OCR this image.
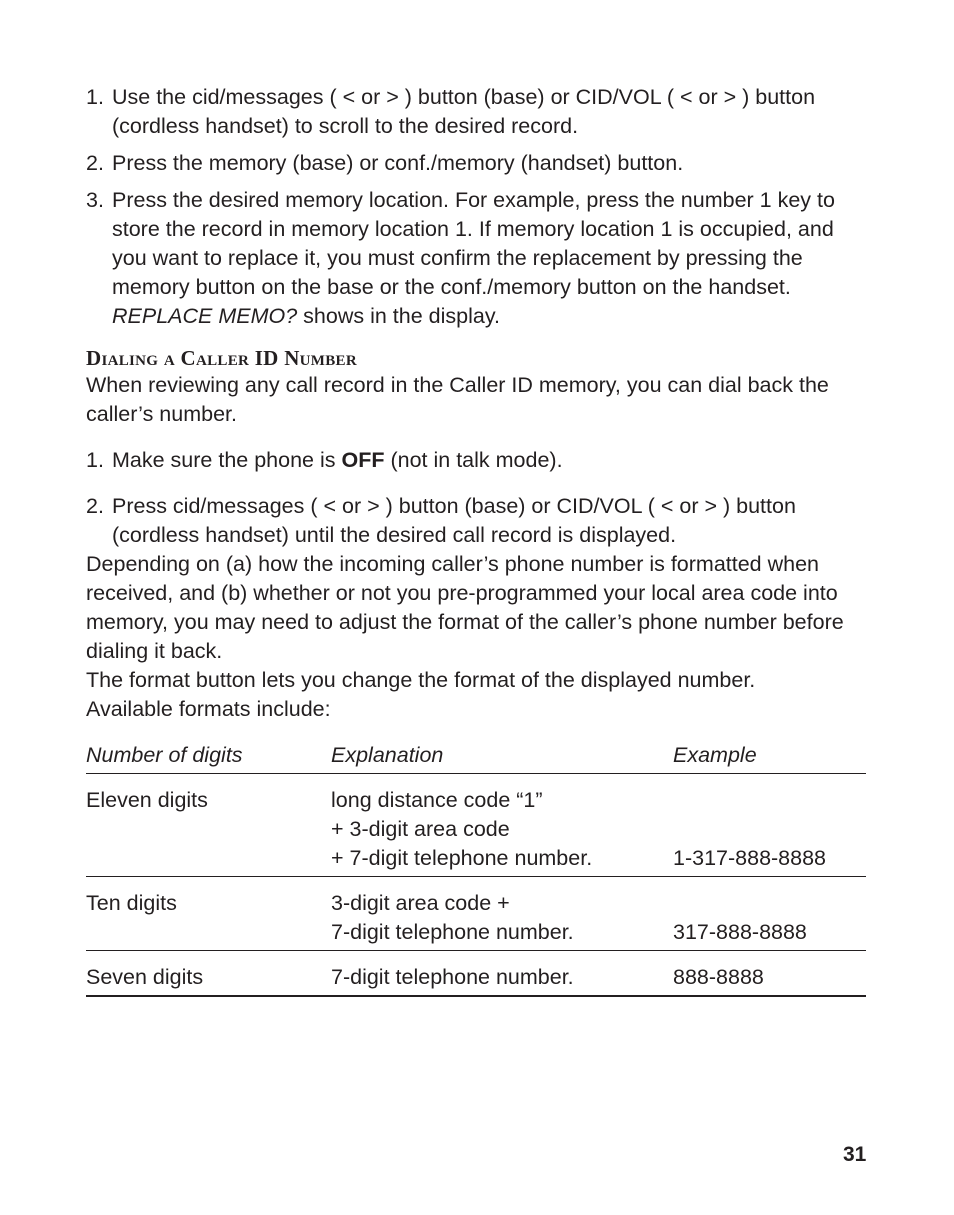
1. Use the cid/messages ( < or > ) button (base) or CID/VOL ( < or > ) button (cordless handset) to scroll to the desired record.
2. Press the memory (base) or conf./memory (handset) button.
3. Press the desired memory location. For example, press the number 1 key to store the record in memory location 1. If memory location 1 is occupied, and you want to replace it, you must confirm the replacement by pressing the memory button on the base or the conf./memory button on the handset. REPLACE MEMO? shows in the display.
Dialing a Caller ID Number

When reviewing any call record in the Caller ID memory, you can dial back the caller’s number.

1. Make sure the phone is OFF (not in talk mode).
2. Press cid/messages ( < or > ) button (base) or CID/VOL ( < or > ) button (cordless handset) until the desired call record is displayed.

Depending on (a) how the incoming caller’s phone number is formatted when received, and (b) whether or not you pre-programmed your local area code into memory, you may need to adjust the format of the caller’s phone number before dialing it back.

The format button lets you change the format of the displayed number.

Available formats include:

Number of digits	Explanation	Example
Eleven digits	long distance code “1”
+ 3-digit area code
+ 7-digit telephone number.	1-317-888-8888
Ten digits	3-digit area code +
7-digit telephone number.	317-888-8888
Seven digits	7-digit telephone number.	888-8888
31
